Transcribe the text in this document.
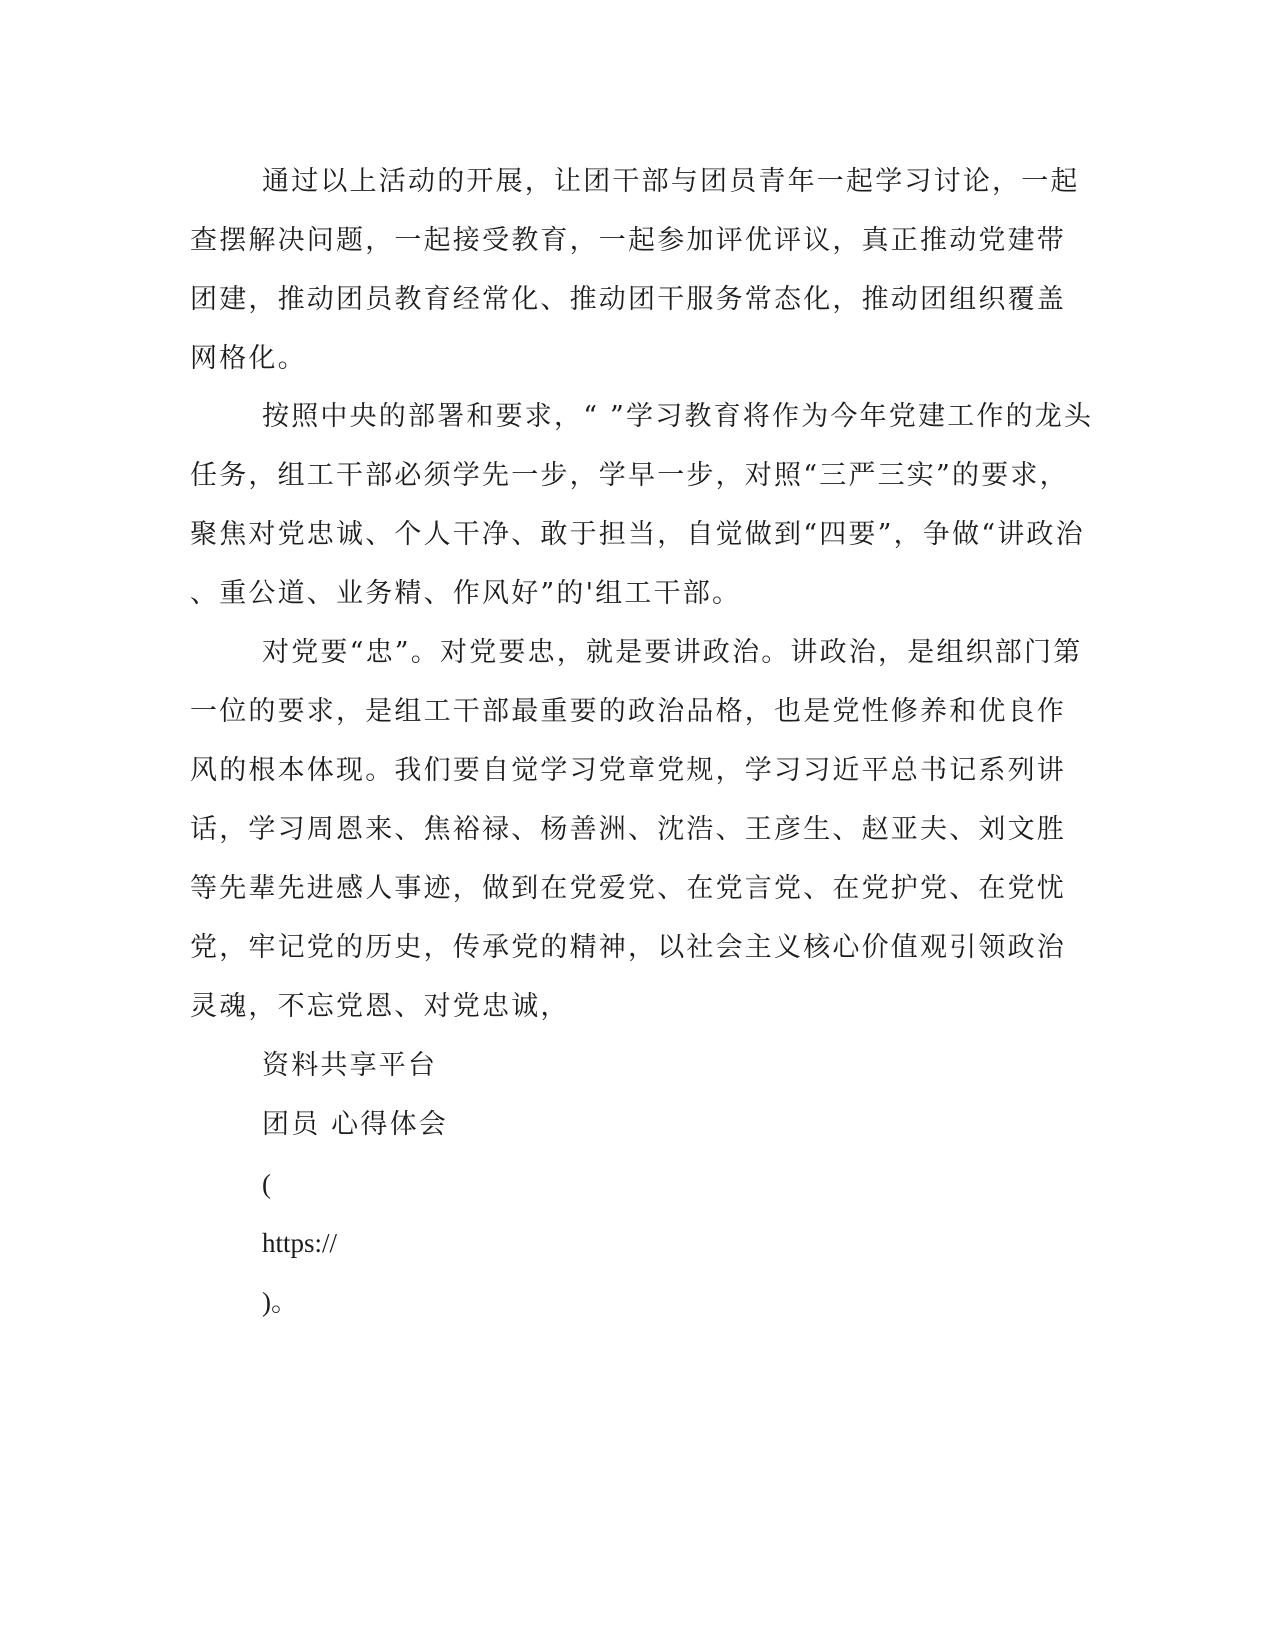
通过以上活动的开展，让团干部与团员青年一起学习讨论，一起

查摆解决问题，一起接受教育，一起参加评优评议，真正推动党建带

团建，推动团员教育经常化、推动团干服务常态化，推动团组织覆盖

网格化。

按照中央的部署和要求，“ ”学习教育将作为今年党建工作的龙头

任务，组工干部必须学先一步，学早一步，对照“三严三实”的要求，

聚焦对党忠诚、个人干净、敢于担当，自觉做到“四要”，争做“讲政治

、重公道、业务精、作风好”的'组工干部。

对党要“忠”。对党要忠，就是要讲政治。讲政治，是组织部门第

一位的要求，是组工干部最重要的政治品格，也是党性修养和优良作

风的根本体现。我们要自觉学习党章党规，学习习近平总书记系列讲

话，学习周恩来、焦裕禄、杨善洲、沈浩、王彦生、赵亚夫、刘文胜

等先辈先进感人事迹，做到在党爱党、在党言党、在党护党、在党忧

党，牢记党的历史，传承党的精神，以社会主义核心价值观引领政治

灵魂，不忘党恩、对党忠诚，

资料共享平台

团员 心得体会

(

https://

)。
